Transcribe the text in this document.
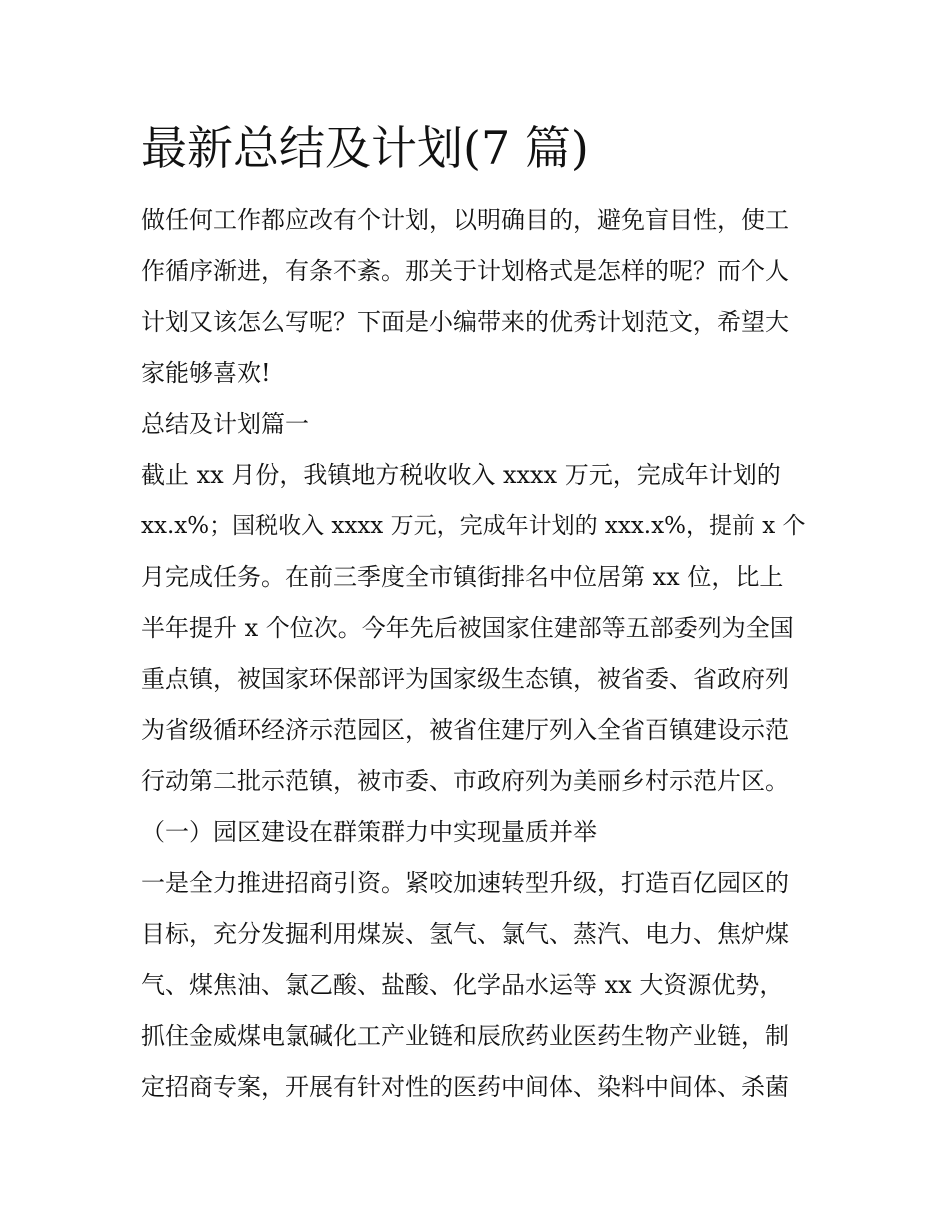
最新总结及计划(7 篇)
做任何工作都应改有个计划，以明确目的，避免盲目性，使工
作循序渐进，有条不紊。那关于计划格式是怎样的呢？而个人
计划又该怎么写呢？下面是小编带来的优秀计划范文，希望大
家能够喜欢!
总结及计划篇一
截止 xx 月份，我镇地方税收收入 xxxx 万元，完成年计划的
xx.x%；国税收入 xxxx 万元，完成年计划的 xxx.x%，提前 x 个
月完成任务。在前三季度全市镇街排名中位居第 xx 位，比上
半年提升 x 个位次。今年先后被国家住建部等五部委列为全国
重点镇，被国家环保部评为国家级生态镇，被省委、省政府列
为省级循环经济示范园区，被省住建厅列入全省百镇建设示范
行动第二批示范镇，被市委、市政府列为美丽乡村示范片区。
（一）园区建设在群策群力中实现量质并举
一是全力推进招商引资。紧咬加速转型升级，打造百亿园区的
目标，充分发掘利用煤炭、氢气、氯气、蒸汽、电力、焦炉煤
气、煤焦油、氯乙酸、盐酸、化学品水运等 xx 大资源优势，
抓住金威煤电氯碱化工产业链和辰欣药业医药生物产业链，制
定招商专案，开展有针对性的医药中间体、染料中间体、杀菌
